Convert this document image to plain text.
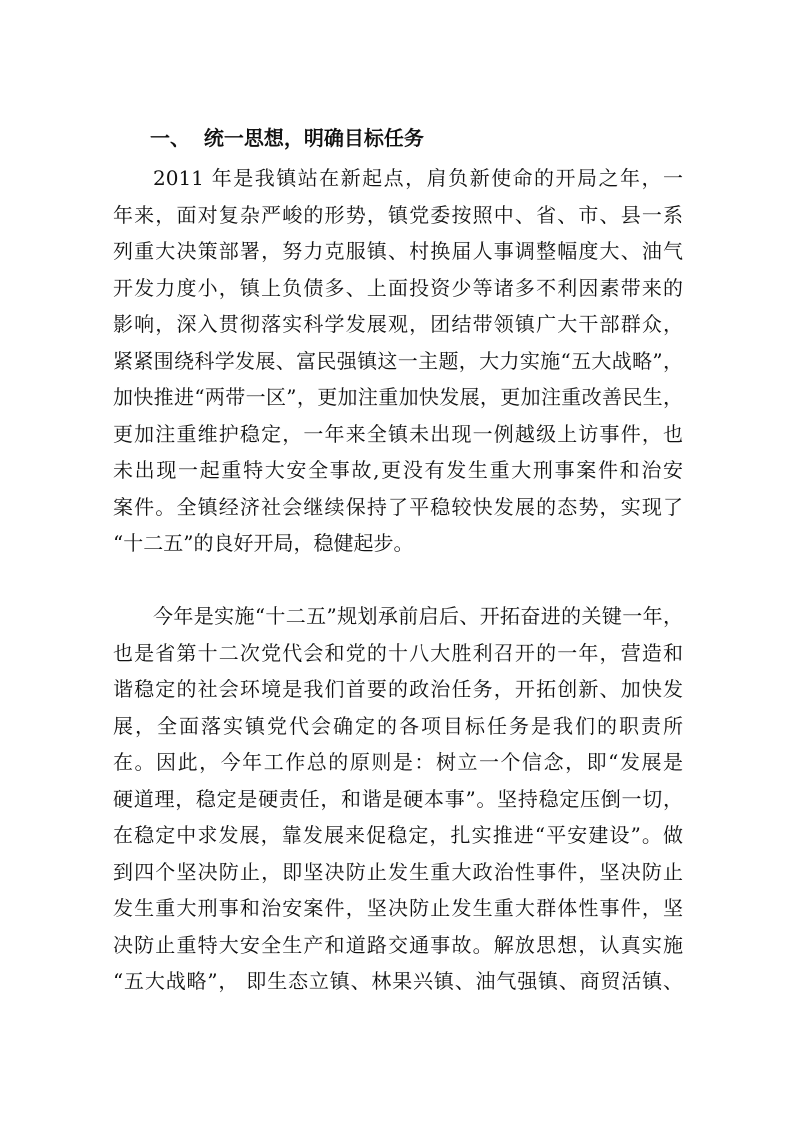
一、  统一思想，明确目标任务
2011 年是我镇站在新起点，肩负新使命的开局之年，一
年来，面对复杂严峻的形势，镇党委按照中、省、市、县一系
列重大决策部署，努力克服镇、村换届人事调整幅度大、油气
开发力度小，镇上负债多、上面投资少等诸多不利因素带来的
影响，深入贯彻落实科学发展观，团结带领镇广大干部群众，
紧紧围绕科学发展、富民强镇这一主题，大力实施“五大战略”，
加快推进“两带一区”，更加注重加快发展，更加注重改善民生，
更加注重维护稳定，一年来全镇未出现一例越级上访事件，也
未出现一起重特大安全事故,更没有发生重大刑事案件和治安
案件。全镇经济社会继续保持了平稳较快发展的态势，实现了
“十二五”的良好开局，稳健起步。
今年是实施“十二五”规划承前启后、开拓奋进的关键一年，
也是省第十二次党代会和党的十八大胜利召开的一年，营造和
谐稳定的社会环境是我们首要的政治任务，开拓创新、加快发
展，全面落实镇党代会确定的各项目标任务是我们的职责所
在。因此，今年工作总的原则是：树立一个信念，即“发展是
硬道理，稳定是硬责任，和谐是硬本事”。坚持稳定压倒一切，
在稳定中求发展，靠发展来促稳定，扎实推进“平安建设”。做
到四个坚决防止，即坚决防止发生重大政治性事件，坚决防止
发生重大刑事和治安案件，坚决防止发生重大群体性事件，坚
决防止重特大安全生产和道路交通事故。解放思想，认真实施
“五大战略”， 即生态立镇、林果兴镇、油气强镇、商贸活镇、
